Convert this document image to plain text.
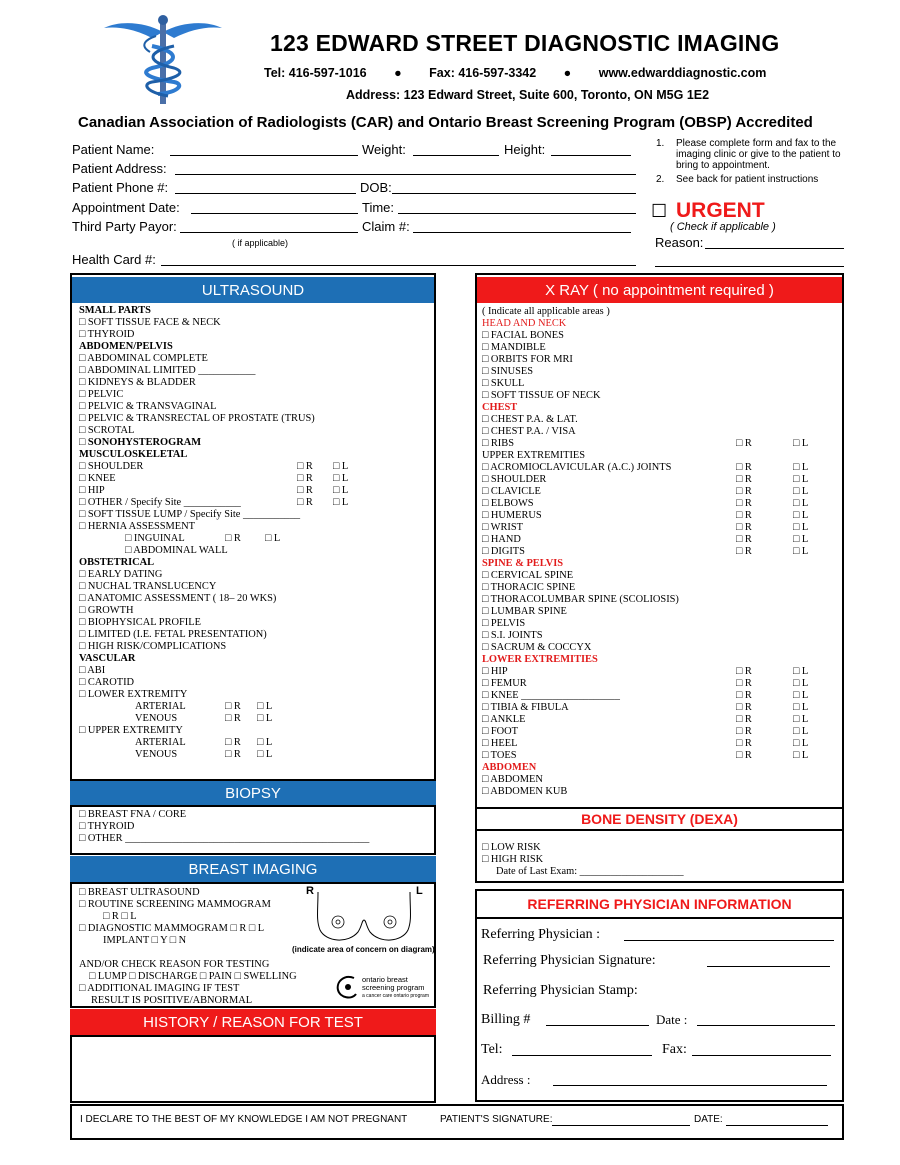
123 EDWARD STREET DIAGNOSTIC IMAGING
Tel: 416-597-1016 ● Fax: 416-597-3342 ● www.edwarddiagnostic.com
Address: 123 Edward Street, Suite 600, Toronto, ON M5G 1E2
Canadian Association of Radiologists (CAR) and Ontario Breast Screening Program (OBSP) Accredited
Patient Name:	Weight:	Height:
Patient Address:
Patient Phone #:	DOB:
Appointment Date:	Time:
Third Party Payor:	Claim #:
( if applicable)
Health Card #:
1. Please complete form and fax to the imaging clinic or give to the patient to bring to appointment.
2. See back for patient instructions
☐ URGENT
( Check if applicable )
Reason:
ULTRASOUND
SMALL PARTS
□ SOFT TISSUE FACE & NECK
□ THYROID
ABDOMEN/PELVIS
□ ABDOMINAL COMPLETE
□ ABDOMINAL LIMITED ___________
□ KIDNEYS & BLADDER
□ PELVIC
□ PELVIC & TRANSVAGINAL
□ PELVIC & TRANSRECTAL OF PROSTATE (TRUS)
□ SCROTAL
□ SONOHYSTEROGRAM
MUSCULOSKELETAL
□ SHOULDER	□ R □ L
□ KNEE	□ R □ L
□ HIP	□ R □ L
□ OTHER / Specify Site ___________	□ R □ L
□ SOFT TISSUE LUMP / Specify Site ___________
□ HERNIA ASSESSMENT
□ INGUINAL	□ R □ L
□ ABDOMINAL WALL
OBSTETRICAL
□ EARLY DATING
□ NUCHAL TRANSLUCENCY
□ ANATOMIC ASSESSMENT ( 18– 20 WKS)
□ GROWTH
□ BIOPHYSICAL PROFILE
□ LIMITED (I.E. FETAL PRESENTATION)
□ HIGH RISK/COMPLICATIONS
VASCULAR
□ ABI
□ CAROTID
□ LOWER EXTREMITY
ARTERIAL	□ R □ L
VENOUS	□ R □ L
□ UPPER EXTREMITY
ARTERIAL	□ R □ L
VENOUS	□ R □ L
BIOPSY
□ BREAST FNA / CORE
□ THYROID
□ OTHER _______________________________________________
BREAST IMAGING
□ BREAST ULTRASOUND
□ ROUTINE SCREENING MAMMOGRAM
□ R □ L
□ DIAGNOSTIC MAMMOGRAM □ R □ L
IMPLANT □ Y □ N
AND/OR CHECK REASON FOR TESTING
□ LUMP □ DISCHARGE □ PAIN □ SWELLING
□ ADDITIONAL IMAGING IF TEST
RESULT IS POSITIVE/ABNORMAL
R	L
(indicate area of concern on diagram)
ontario breast
screening program
a cancer care ontario program
HISTORY / REASON FOR TEST
X RAY ( no appointment required )
( Indicate all applicable areas )
HEAD AND NECK
□ FACIAL BONES
□ MANDIBLE
□ ORBITS FOR MRI
□ SINUSES
□ SKULL
□ SOFT TISSUE OF NECK
CHEST
□ CHEST P.A. & LAT.
□ CHEST P.A. / VISA
□ RIBS	□ R	□ L
UPPER EXTREMITIES
□ ACROMIOCLAVICULAR (A.C.) JOINTS	□ R	□ L
□ SHOULDER	□ R	□ L
□ CLAVICLE	□ R	□ L
□ ELBOWS	□ R	□ L
□ HUMERUS	□ R	□ L
□ WRIST	□ R	□ L
□ HAND	□ R	□ L
□ DIGITS	□ R	□ L
SPINE & PELVIS
□ CERVICAL SPINE
□ THORACIC SPINE
□ THORACOLUMBAR SPINE (SCOLIOSIS)
□ LUMBAR SPINE
□ PELVIS
□ S.I. JOINTS
□ SACRUM & COCCYX
LOWER EXTREMITIES
□ HIP	□ R	□ L
□ FEMUR	□ R	□ L
□ KNEE ___________________	□ R	□ L
□ TIBIA & FIBULA	□ R	□ L
□ ANKLE	□ R	□ L
□ FOOT	□ R	□ L
□ HEEL	□ R	□ L
□ TOES	□ R	□ L
ABDOMEN
□ ABDOMEN
□ ABDOMEN KUB
BONE DENSITY (DEXA)
□ LOW RISK
□ HIGH RISK
Date of Last Exam: ____________________
REFERRING PHYSICIAN INFORMATION
Referring Physician :
Referring Physician Signature:
Referring Physician Stamp:
Billing #	Date :
Tel:	Fax:
Address :
I DECLARE TO THE BEST OF MY KNOWLEDGE I AM NOT PREGNANT	PATIENT'S SIGNATURE:	DATE:
